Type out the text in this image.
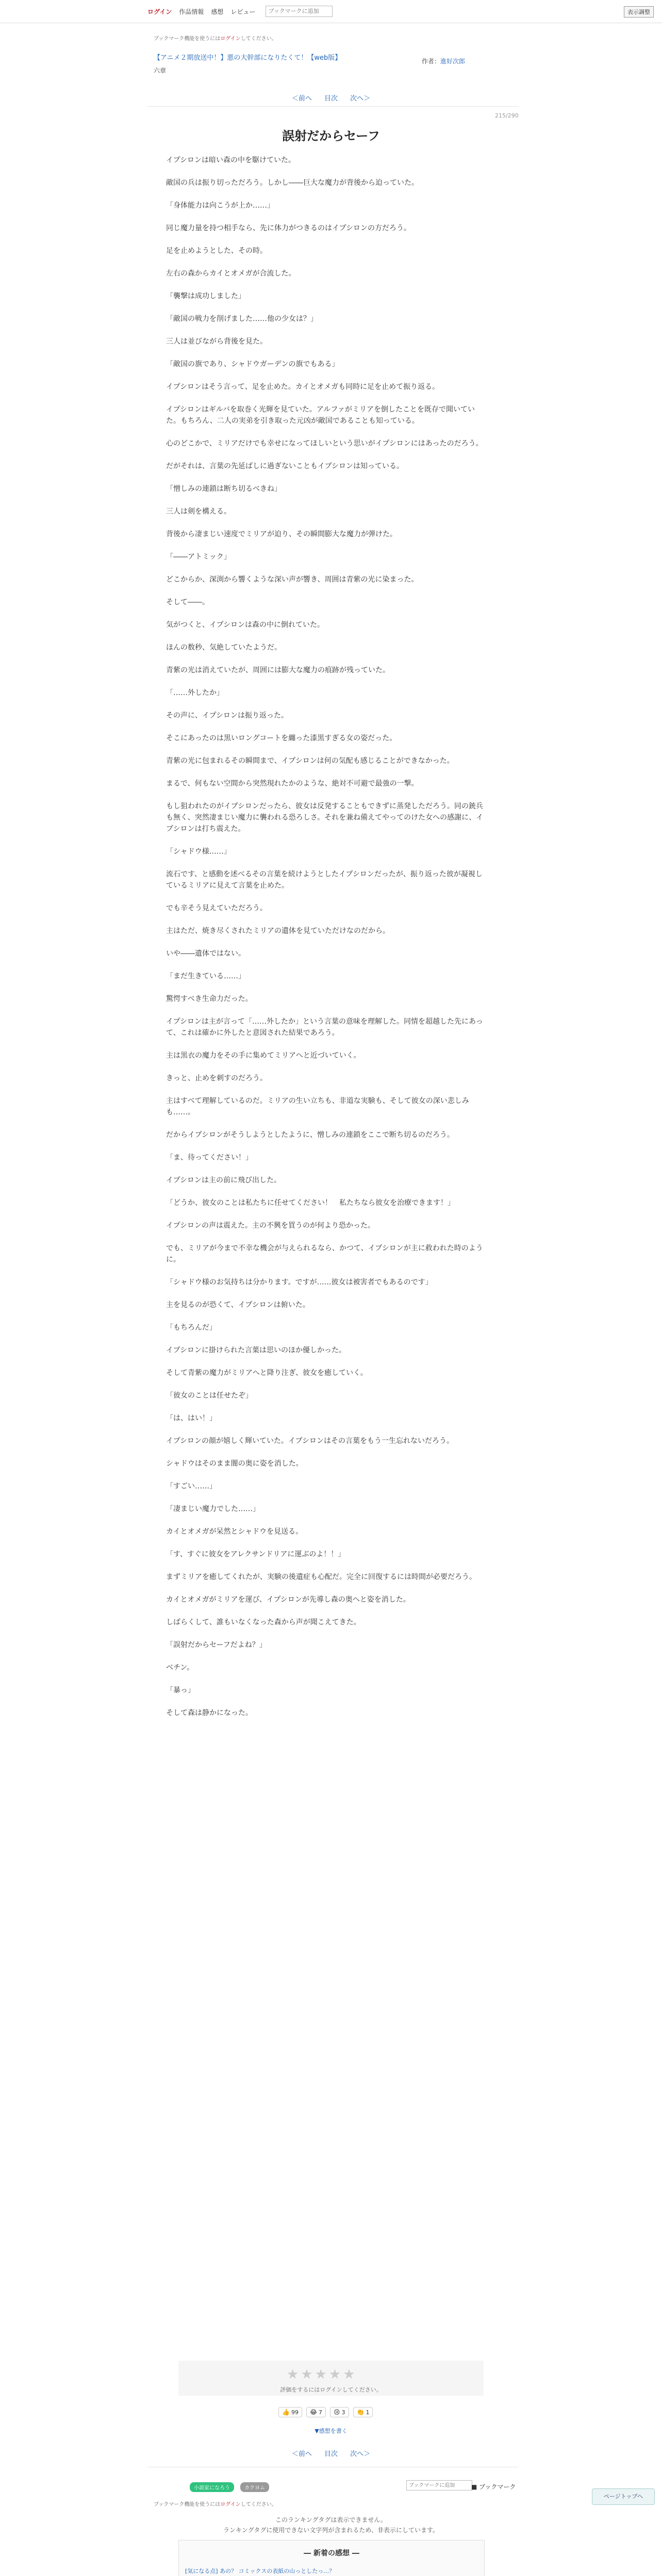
ログイン 作品情報 感想 レビュー
ブックマークに追加	表示調整
ブックマーク機能を使うにはログインしてください。
【アニメ２期放送中！】悪の大幹部になりたくて！【web版】
六章
作者：進好次郎
＜前へ 目次 次へ＞
215/290
誤射だからセーフ

イプシロンは暗い森の中を駆けていた。

敵国の兵は振り切っただろう。しかし――巨大な魔力が背後から迫っていた。

「身体能力は向こうが上か……」

同じ魔力量を持つ相手なら、先に体力がつきるのはイプシロンの方だろう。

足を止めようとした、その時。

左右の森からカイとオメガが合流した。

「襲撃は成功しました」

「敵国の戦力を削げました……他の少女は？」

三人は並びながら背後を見た。

「敵国の旗であり、シャドウガーデンの旗でもある」

イプシロンはそう言って、足を止めた。カイとオメガも同時に足を止めて振り返る。

イプシロンはギルバを取巻く光輝を見ていた。アルファがミリアを倒したことを既存で聞いていた。もちろん、二人の実弟を引き取った元凶が敵国であることも知っている。

心のどこかで、ミリアだけでも幸せになってほしいという思いがイプシロンにはあったのだろう。

だがそれは、言葉の先延ばしに過ぎないこともイプシロンは知っている。

「憎しみの連鎖は断ち切るべきね」

三人は剣を構える。

背後から凄まじい速度でミリアが迫り、その瞬間膨大な魔力が弾けた。

「――アトミック」

どこからか、深渕から響くような深い声が響き、周囲は青紫の光に染まった。

そして――。

気がつくと、イプシロンは森の中に倒れていた。

ほんの数秒、気絶していたようだ。

青紫の光は消えていたが、周囲には膨大な魔力の痕跡が残っていた。

「……外したか」

その声に、イプシロンは振り返った。

そこにあったのは黒いロングコートを纏った漆黒すぎる女の姿だった。

青紫の光に包まれるその瞬間まで、イプシロンは何の気配も感じることができなかった。

まるで、何もない空間から突然現れたかのような、絶対不可避で最強の一撃。

もし狙われたのがイプシロンだったら、彼女は反発することもできずに蒸発しただろう。同の銃兵も無く、突然凄まじい魔力に襲われる恐ろしさ。それを兼ね備えてやってのけた女への感謝に、イプシロンは打ち震えた。

「シャドウ様……」

流石です、と感動を述べるその言葉を続けようとしたイプシロンだったが、振り返った彼が凝視しているミリアに見えて言葉を止めた。

でも辛そう見えていただろう。

主はただ、焼き尽くされたミリアの遺体を見ていただけなのだから。

いや――遺体ではない。

「まだ生きている……」

驚愕すべき生命力だった。

イプシロンは主が言って「……外したか」という言葉の意味を理解した。同情を超越した先にあって、これは確かに外したと意図された結果であろう。

主は黒衣の魔力をその手に集めてミリアへと近づいていく。

きっと、止めを刺すのだろう。

主はすべて理解しているのだ。ミリアの生い立ちも、非道な実験も、そして彼女の深い悲しみも……。

だからイプシロンがそうしようとしたように、憎しみの連鎖をここで断ち切るのだろう。

「ま、待ってください！」

イプシロンは主の前に飛び出した。

「どうか、彼女のことは私たちに任せてください！　私たちなら彼女を治療できます！」

イプシロンの声は震えた。主の不興を買うのが何より恐かった。

でも、ミリアが今まで不幸な機会が与えられるなら、かつて、イプシロンが主に救われた時のように。

「シャドウ様のお気持ちは分かります。ですが……彼女は被害者でもあるのです」

主を見るのが恐くて、イプシロンは俯いた。

「もちろんだ」

イプシロンに掛けられた言葉は思いのほか優しかった。

そして青紫の魔力がミリアへと降り注ぎ、彼女を癒していく。

「彼女のことは任せたぞ」

「は、はい！」

イプシロンの顔が嬉しく輝いていた。イプシロンはその言葉をもう一生忘れないだろう。

シャドウはそのまま闇の奥に姿を消した。

「すごい……」

「凄まじい魔力でした……」

カイとオメガが呆然とシャドウを見送る。

「す、すぐに彼女をアレクサンドリアに運ぶのよ！！」

まずミリアを癒してくれたが、実験の後遺症も心配だ。完全に回復するには時間が必要だろう。

カイとオメガがミリアを運び、イプシロンが先導し森の奥へと姿を消した。

しばらくして、誰もいなくなった森から声が聞こえてきた。

「誤射だからセーフだよね？」

ベチン。

「暴っ」

そして森は静かになった。

★★★★★
評価をするにはログインしてください。
👍 99 😂 7 😢 3 👏 1
▼感想を書く
＜前へ 目次 次へ＞
小説家になろう	カクヨム
ブックマークに追加	■ ブックマーク
ブックマーク機能を使うにはログインしてください。
このランキングタグは表示できません。
ランキングタグに使用できない文字列が含まれるため、非表示にしています。
― 新着の感想 ―
[気になる点] あの？ コミックスの表紙の山っとしたっ…？
ページトップへ
